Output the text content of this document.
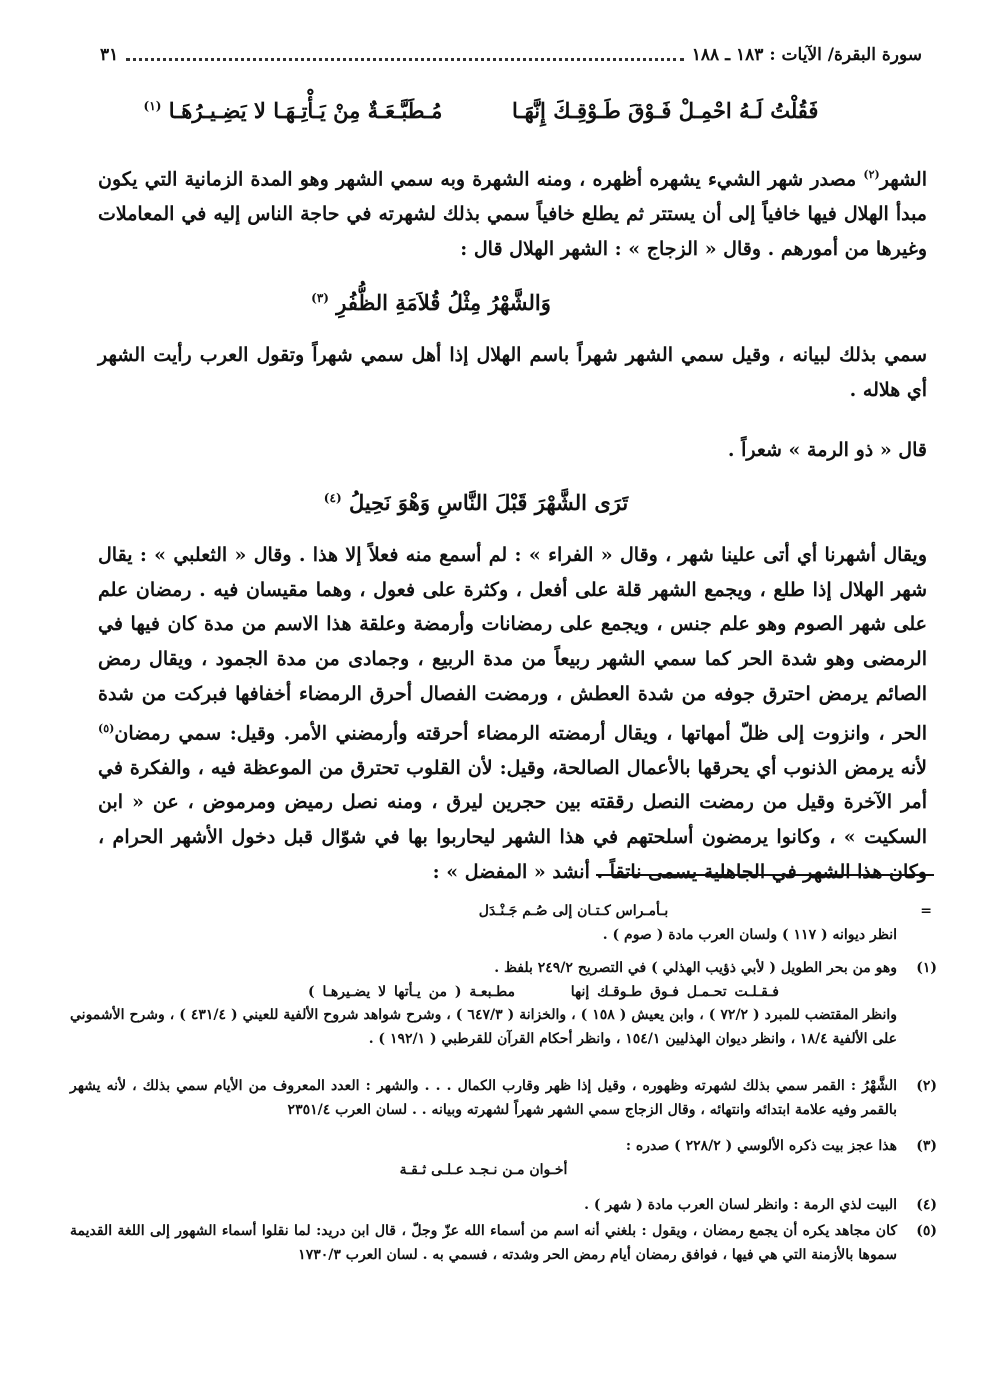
سورة البقرة/ الآيات : ١٨٣ ـ ١٨٨
٣١
فَقُلْتُ لَـهُ احْمِـلْ فَـوْقَ طَـوْقِـكَ إِنَّهَـا  مُـطَبَّـعَـةٌ مِنْ يَـأْتِـهَـا لا يَضِـيـرُهَـا $^{(١)}$
الشهر$^{(٢)}$ مصدر شهر الشيء يشهره أظهره ، ومنه الشهرة وبه سمي الشهر وهو المدة الزمانية التي يكون مبدأ الهلال فيها خافياً إلى أن يستتر ثم يطلع خافياً سمي بذلك لشهرته في حاجة الناس إليه في المعاملات وغيرها من أمورهم . وقال « الزجاج » : الشهر الهلال قال :
وَالشَّهْرُ مِثْلُ قُلاَمَةِ الظُّفُرِ $^{(٣)}$
سمي بذلك لبيانه ، وقيل سمي الشهر شهراً باسم الهلال إذا أهل سمي شهراً وتقول العرب رأيت الشهر أي هلاله .
قال « ذو الرمة » شعراً .
تَرَى الشَّهْرَ قَبْلَ النَّاسِ وَهْوَ نَحِيلُ $^{(٤)}$
ويقال أشهرنا أي أتى علينا شهر ، وقال « الفراء » : لم أسمع منه فعلاً إلا هذا . وقال « الثعلبي » : يقال شهر الهلال إذا طلع ، ويجمع الشهر قلة على أفعل ، وكثرة على فعول ، وهما مقيسان فيه . رمضان علم على شهر الصوم وهو علم جنس ، ويجمع على رمضانات وأرمضة وعلقة هذا الاسم من مدة كان فيها في الرمضى وهو شدة الحر كما سمي الشهر ربيعاً من مدة الربيع ، وجمادى من مدة الجمود ، ويقال رمض الصائم يرمض احترق جوفه من شدة العطش ، ورمضت الفصال أحرق الرمضاء أخفافها فبركت من شدة الحر ، وانزوت إلى ظلّ أمهاتها ، ويقال أرمضته الرمضاء أحرقته وأرمضني الأمر. وقيل: سمي رمضان$^{(٥)}$ لأنه يرمض الذنوب أي يحرقها بالأعمال الصالحة، وقيل: لأن القلوب تحترق من الموعظة فيه ، والفكرة في أمر الآخرة وقيل من رمضت النصل رققته بين حجرين ليرق ، ومنه نصل رميض ومرموض ، عن « ابن السكيت » ، وكانوا يرمضون أسلحتهم في هذا الشهر ليحاربوا بها في شوّال قبل دخول الأشهر الحرام ، وكان هذا الشهر في الجاهلية يسمى ناتقاً . أنشد « المفضل » :
=
بـأمـراس كـتـان إلى صُـم جَـنْـدَل
انظر ديوانه ( ١١٧ ) ولسان العرب مادة ( صوم ) .
(١)
وهو من بحر الطويل ( لأبي ذؤيب الهذلي ) في التصريح ٢٤٩/٢ بلفظ .
فـقـلـت تحـمـل فـوق طـوقـك إنها  مطـبعـة ( من يـأتها لا يضـيرهـا )
وانظر المقتضب للمبرد ( ٧٢/٢ ) ، وابن يعيش ( ١٥٨ ) ، والخزانة ( ٦٤٧/٣ ) ، وشرح شواهد شروح الألفية للعيني ( ٤٣١/٤ ) ، وشرح الأشموني على الألفية ١٨/٤ ، وانظر ديوان الهذليين ١٥٤/١ ، وانظر أحكام القرآن للقرطبي ( ١٩٢/١ ) .
(٢)
الشَّهْرُ : القمر سمي بذلك لشهرته وظهوره ، وقيل إذا ظهر وقارب الكمال . . . والشهر : العدد المعروف من الأيام سمي بذلك ، لأنه يشهر بالقمر وفيه علامة ابتدائه وانتهائه ، وقال الزجاج سمي الشهر شهراً لشهرته وبيانه . . لسان العرب ٢٣٥١/٤
(٣)
هذا عجز بيت ذكره الألوسي ( ٢٢٨/٢ ) صدره :
أخـوان مـن نـجـد عـلـى ثـقـة
(٤)
البيت لذي الرمة : وانظر لسان العرب مادة ( شهر ) .
(٥)
كان مجاهد يكره أن يجمع رمضان ، ويقول : بلغني أنه اسم من أسماء الله عزّ وجلّ ، قال ابن دريد: لما نقلوا أسماء الشهور إلى اللغة القديمة سموها بالأزمنة التي هي فيها ، فوافق رمضان أيام رمض الحر وشدته ، فسمي به . لسان العرب ١٧٣٠/٣
